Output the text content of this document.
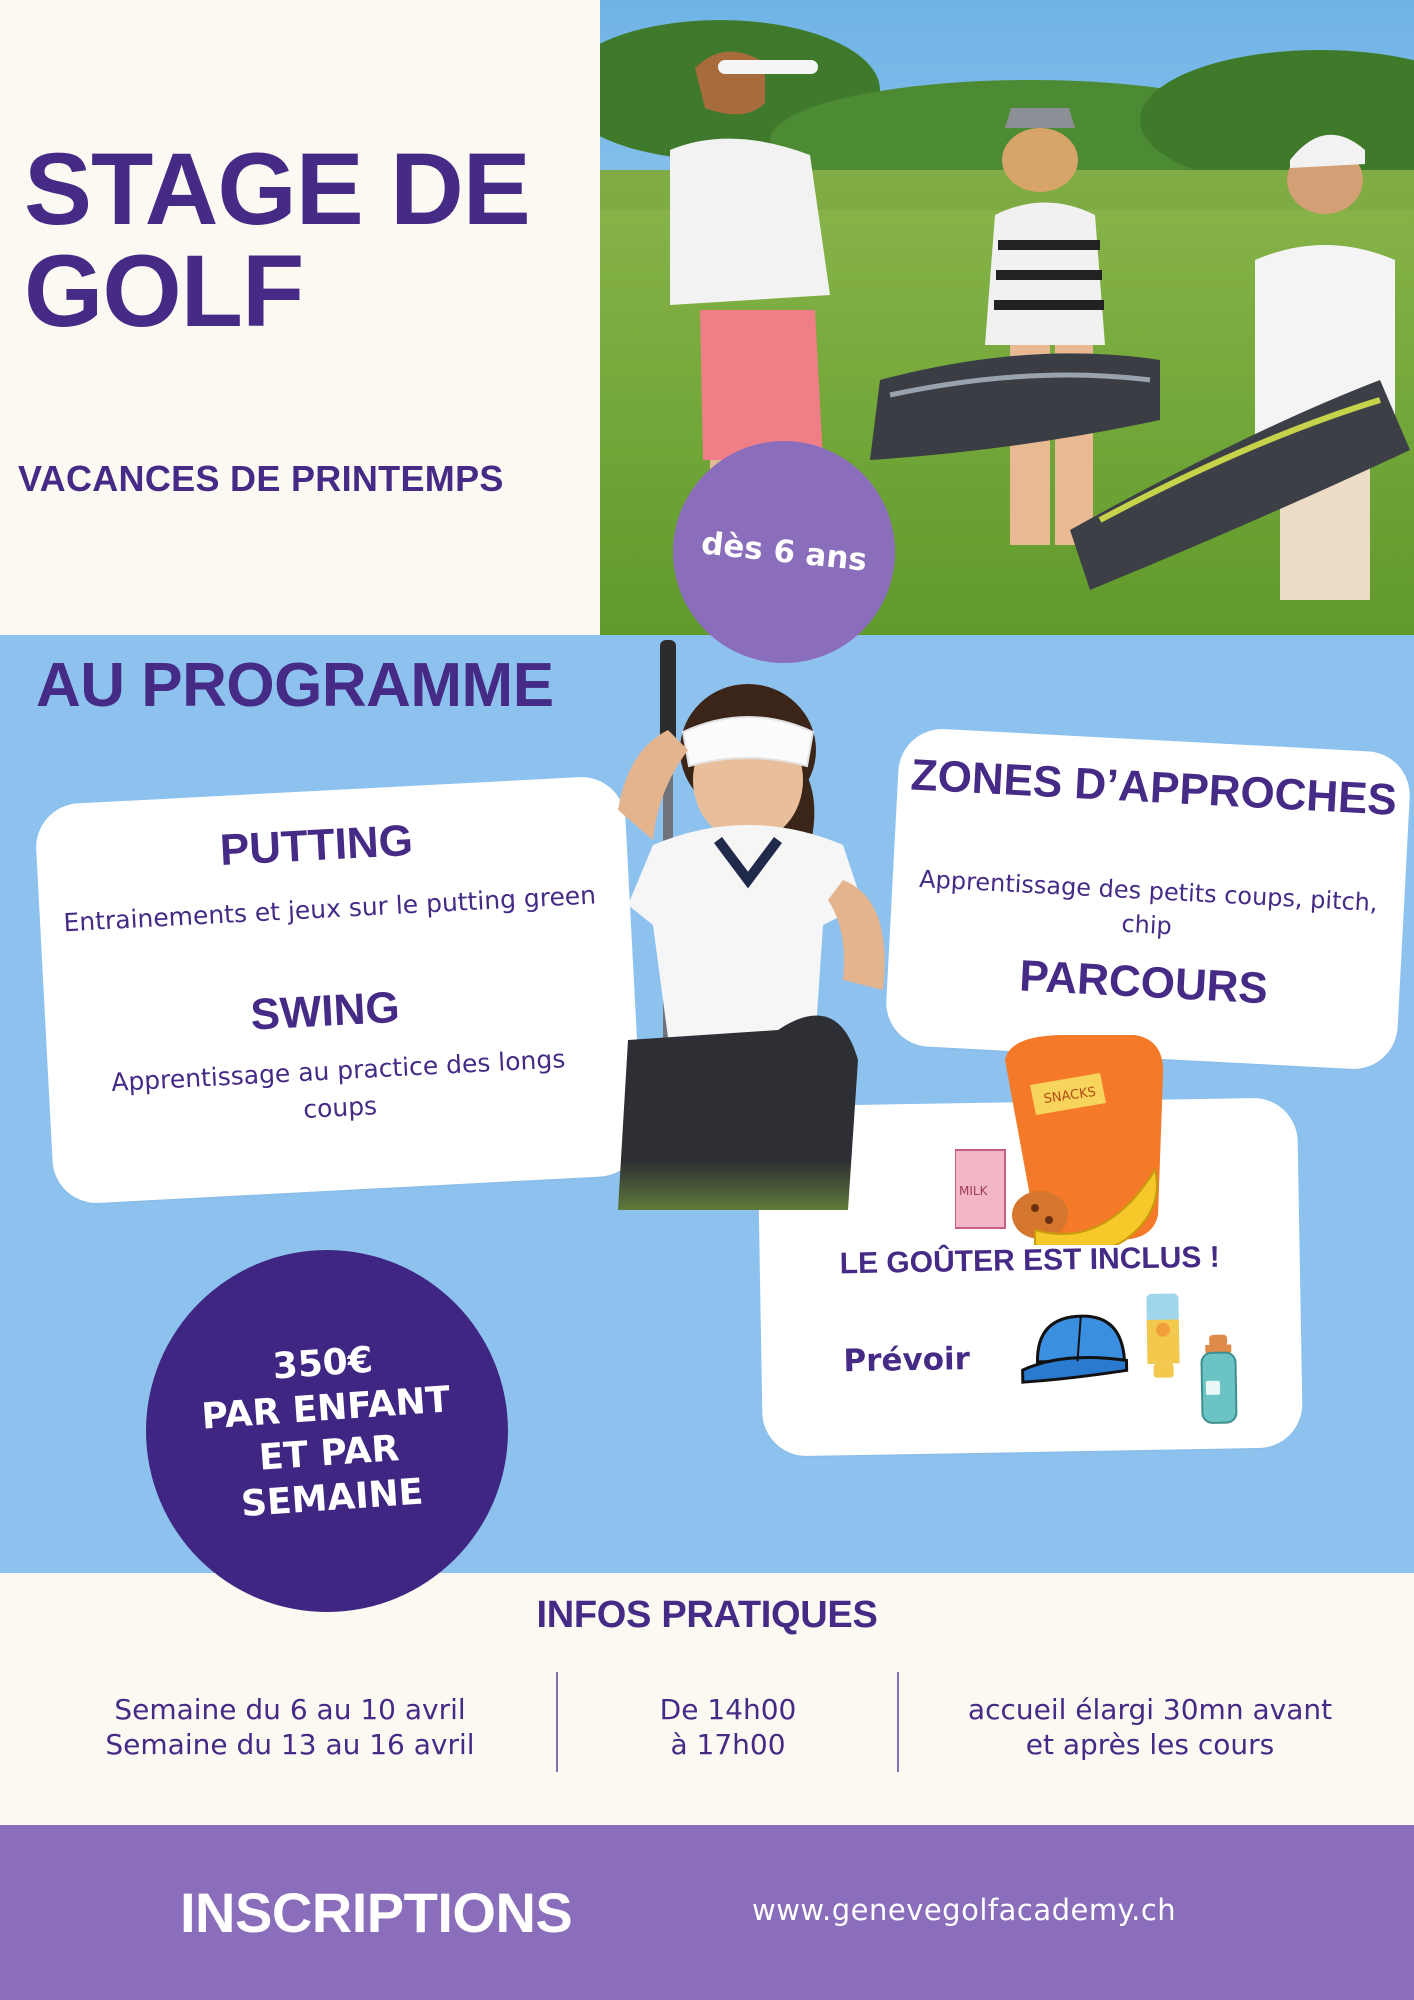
STAGE DE
GOLF
VACANCES DE PRINTEMPS
dès 6 ans
AU PROGRAMME
PUTTING

Entrainements et jeux sur le putting green

SWING

Apprentissage au practice des longs coups

ZONES D’APPROCHES

Apprentissage des petits coups, pitch, chip

PARCOURS

LE GOÛTER EST INCLUS !

Prévoir

SNACKS
MILK
350€
PAR ENFANT
ET PAR
SEMAINE
INFOS PRATIQUES
Semaine du 6 au 10 avril
Semaine du 13 au 16 avril
De 14h00
à 17h00
accueil élargi 30mn avant
et après les cours

INSCRIPTIONS	www.genevegolfacademy.ch
